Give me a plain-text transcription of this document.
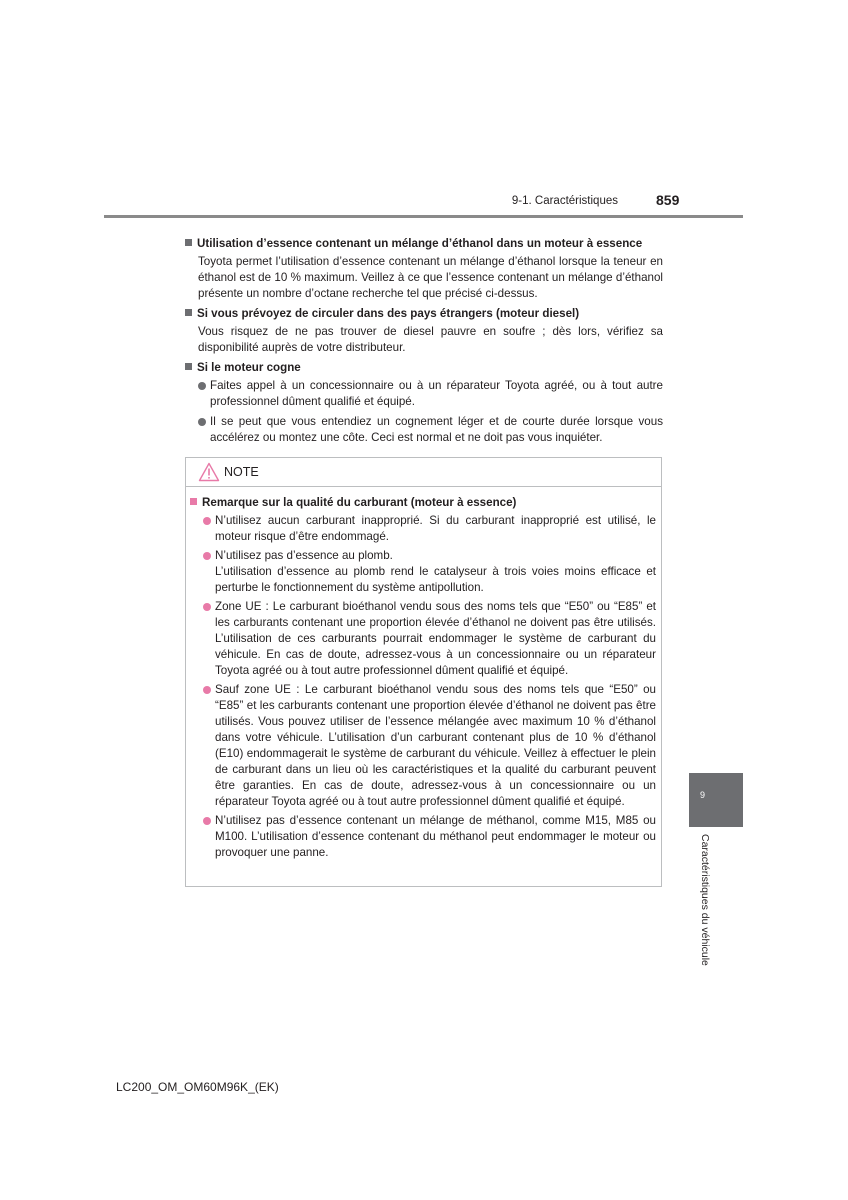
9-1. Caractéristiques	859
Utilisation d’essence contenant un mélange d’éthanol dans un moteur à essence
Toyota permet l’utilisation d’essence contenant un mélange d’éthanol lorsque la teneur en éthanol est de 10 % maximum. Veillez à ce que l’essence contenant un mélange d’éthanol présente un nombre d’octane recherche tel que précisé ci-dessus.
Si vous prévoyez de circuler dans des pays étrangers (moteur diesel)
Vous risquez de ne pas trouver de diesel pauvre en soufre ; dès lors, vérifiez sa disponibilité auprès de votre distributeur.
Si le moteur cogne
Faites appel à un concessionnaire ou à un réparateur Toyota agréé, ou à tout autre professionnel dûment qualifié et équipé.
Il se peut que vous entendiez un cognement léger et de courte durée lorsque vous accélérez ou montez une côte. Ceci est normal et ne doit pas vous inquiéter.
NOTE
Remarque sur la qualité du carburant (moteur à essence)
N’utilisez aucun carburant inapproprié. Si du carburant inapproprié est utilisé, le moteur risque d’être endommagé.
N’utilisez pas d’essence au plomb.
L’utilisation d’essence au plomb rend le catalyseur à trois voies moins efficace et perturbe le fonctionnement du système antipollution.
Zone UE : Le carburant bioéthanol vendu sous des noms tels que “E50” ou “E85” et les carburants contenant une proportion élevée d’éthanol ne doivent pas être utilisés. L’utilisation de ces carburants pourrait endommager le système de carburant du véhicule. En cas de doute, adressez-vous à un concessionnaire ou un réparateur Toyota agréé ou à tout autre professionnel dûment qualifié et équipé.
Sauf zone UE : Le carburant bioéthanol vendu sous des noms tels que “E50” ou “E85” et les carburants contenant une proportion élevée d’éthanol ne doivent pas être utilisés. Vous pouvez utiliser de l’essence mélangée avec maximum 10 % d’éthanol dans votre véhicule. L’utilisation d’un carburant contenant plus de 10 % d’éthanol (E10) endommagerait le système de carburant du véhicule. Veillez à effectuer le plein de carburant dans un lieu où les caractéristiques et la qualité du carburant peuvent être garanties. En cas de doute, adressez-vous à un concessionnaire ou un réparateur Toyota agréé ou à tout autre professionnel dûment qualifié et équipé.
N’utilisez pas d’essence contenant un mélange de méthanol, comme M15, M85 ou M100. L’utilisation d’essence contenant du méthanol peut endommager le moteur ou provoquer une panne.
9
Caractéristiques du véhicule
LC200_OM_OM60M96K_(EK)
